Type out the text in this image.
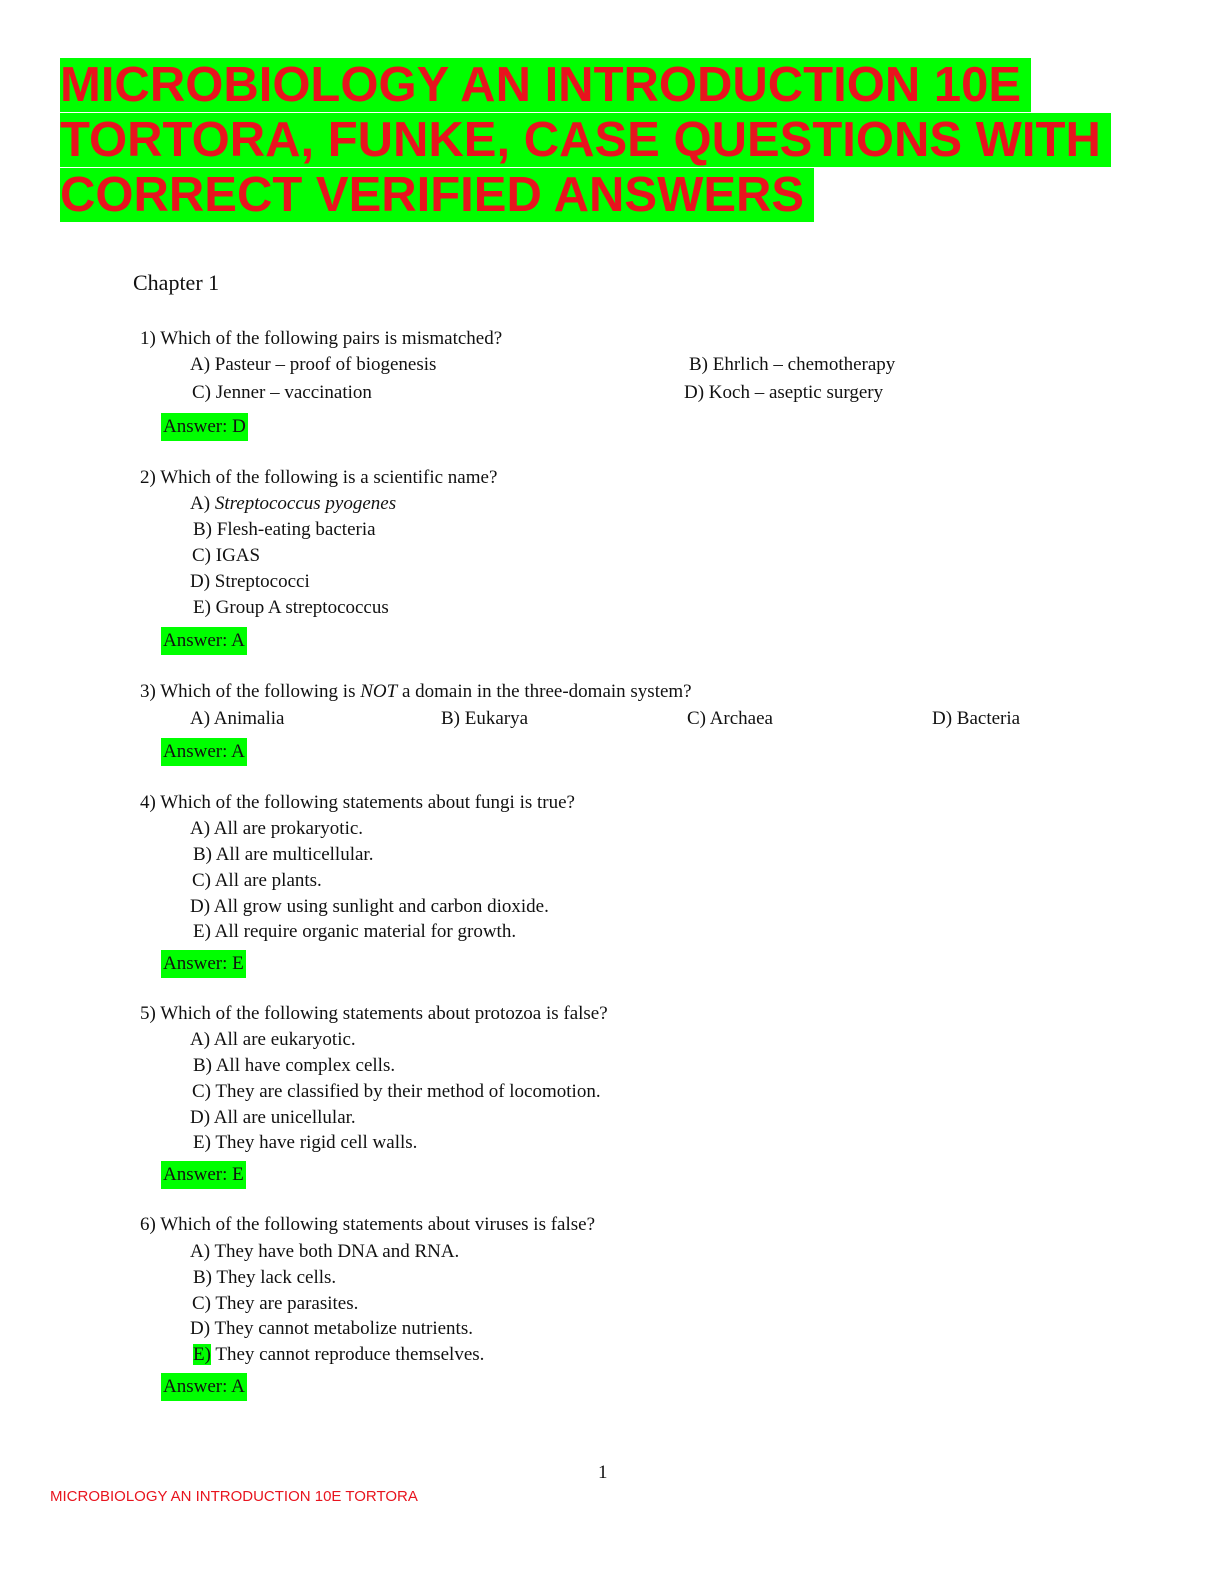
MICROBIOLOGY AN INTRODUCTION 10E
TORTORA, FUNKE, CASE QUESTIONS WITH
CORRECT VERIFIED ANSWERS
Chapter 1
1) Which of the following pairs is mismatched?
A) Pasteur – proof of biogenesis	B) Ehrlich – chemotherapy
C) Jenner – vaccination	D) Koch – aseptic surgery
Answer: D
2) Which of the following is a scientific name?
A) Streptococcus pyogenes
B) Flesh-eating bacteria
C) IGAS
D) Streptococci
E) Group A streptococcus
Answer: A
3) Which of the following is NOT a domain in the three-domain system?
A) Animalia	B) Eukarya	C) Archaea	D) Bacteria
Answer: A
4) Which of the following statements about fungi is true?
A) All are prokaryotic.
B) All are multicellular.
C) All are plants.
D) All grow using sunlight and carbon dioxide.
E) All require organic material for growth.
Answer: E
5) Which of the following statements about protozoa is false?
A) All are eukaryotic.
B) All have complex cells.
C) They are classified by their method of locomotion.
D) All are unicellular.
E) They have rigid cell walls.
Answer: E
6) Which of the following statements about viruses is false?
A) They have both DNA and RNA.
B) They lack cells.
C) They are parasites.
D) They cannot metabolize nutrients.
E) They cannot reproduce themselves.
Answer: A
1
MICROBIOLOGY AN INTRODUCTION 10E TORTORA
